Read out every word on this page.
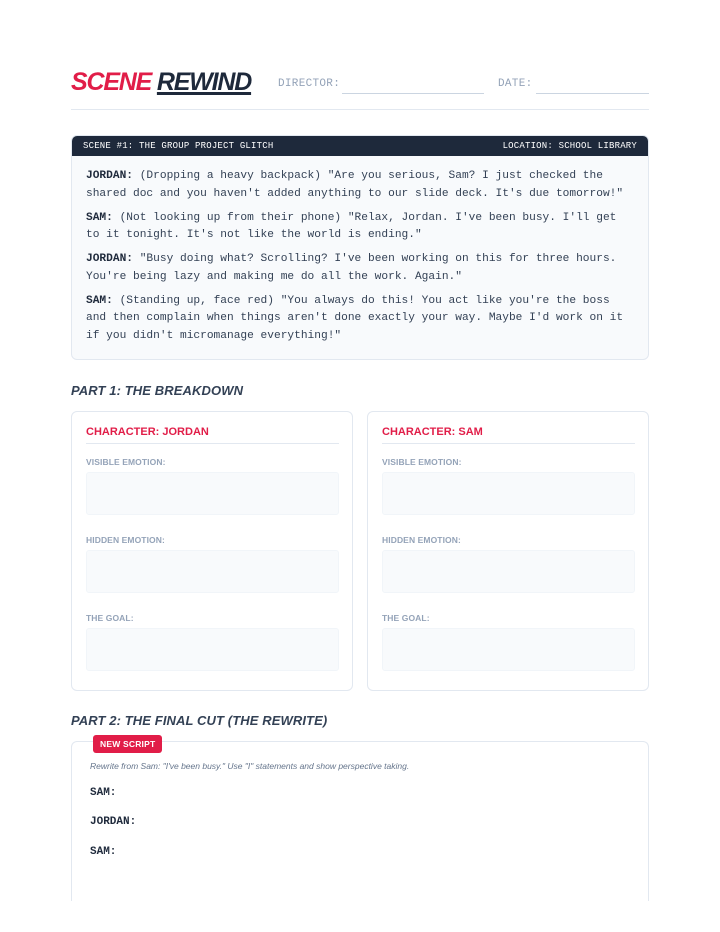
SCENE REWIND DIRECTOR:	DATE:
SCENE #1: THE GROUP PROJECT GLITCH	LOCATION: SCHOOL LIBRARY

JORDAN: (Dropping a heavy backpack) "Are you serious, Sam? I just checked the shared doc and you haven't added anything to our slide deck. It's due tomorrow!"

SAM: (Not looking up from their phone) "Relax, Jordan. I've been busy. I'll get to it tonight. It's not like the world is ending."

JORDAN: "Busy doing what? Scrolling? I've been working on this for three hours. You're being lazy and making me do all the work. Again."

SAM: (Standing up, face red) "You always do this! You act like you're the boss and then complain when things aren't done exactly your way. Maybe I'd work on it if you didn't micromanage everything!"

PART 1: THE BREAKDOWN
CHARACTER: JORDAN
VISIBLE EMOTION:
HIDDEN EMOTION:
THE GOAL:
CHARACTER: SAM
VISIBLE EMOTION:
HIDDEN EMOTION:
THE GOAL:
PART 2: THE FINAL CUT (THE REWRITE)
NEW SCRIPT
Rewrite from Sam: "I've been busy." Use "I" statements and show perspective taking.
SAM:
JORDAN:
SAM:
